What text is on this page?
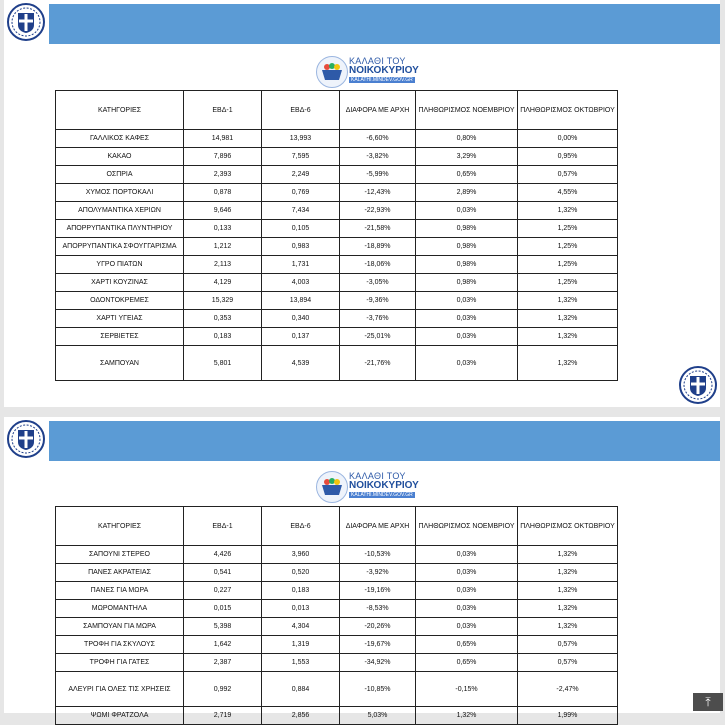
ΚΑΛΑΘΙ ΤΟΥ
ΝΟΙΚΟΚΥΡΙΟΥ
KALATHI.MINDEV.GOV.GR
ΚΑΤΗΓΟΡΙΕΣ	ΕΒΔ-1	ΕΒΔ-6	ΔΙΑΦΟΡΑ ΜΕ ΑΡΧΗ	ΠΛΗΘΩΡΙΣΜΟΣ ΝΟΕΜΒΡΙΟΥ	ΠΛΗΘΩΡΙΣΜΟΣ ΟΚΤΩΒΡΙΟΥ
ΓΑΛΛΙΚΟΣ ΚΑΦΕΣ	14,981	13,993	-6,60%	0,80%	0,00%
ΚΑΚΑΟ	7,896	7,595	-3,82%	3,29%	0,95%
ΟΣΠΡΙΑ	2,393	2,249	-5,99%	0,65%	0,57%
ΧΥΜΟΣ ΠΟΡΤΟΚΑΛΙ	0,878	0,769	-12,43%	2,89%	4,55%
ΑΠΟΛΥΜΑΝΤΙΚΑ ΧΕΡΙΩΝ	9,646	7,434	-22,93%	0,03%	1,32%
ΑΠΟΡΡΥΠΑΝΤΙΚΑ ΠΛΥΝΤΗΡΙΟΥ	0,133	0,105	-21,58%	0,98%	1,25%
ΑΠΟΡΡΥΠΑΝΤΙΚΑ ΣΦΟΥΓΓΑΡΙΣΜΑ	1,212	0,983	-18,89%	0,98%	1,25%
ΥΓΡΟ ΠΙΑΤΩΝ	2,113	1,731	-18,06%	0,98%	1,25%
ΧΑΡΤΙ ΚΟΥΖΙΝΑΣ	4,129	4,003	-3,05%	0,98%	1,25%
ΟΔΟΝΤΟΚΡΕΜΕΣ	15,329	13,894	-9,36%	0,03%	1,32%
ΧΑΡΤΙ ΥΓΕΙΑΣ	0,353	0,340	-3,76%	0,03%	1,32%
ΣΕΡΒΙΕΤΕΣ	0,183	0,137	-25,01%	0,03%	1,32%
ΣΑΜΠΟΥΑΝ	5,801	4,539	-21,76%	0,03%	1,32%
ΚΑΛΑΘΙ ΤΟΥ
ΝΟΙΚΟΚΥΡΙΟΥ
KALATHI.MINDEV.GOV.GR
ΚΑΤΗΓΟΡΙΕΣ	ΕΒΔ-1	ΕΒΔ-6	ΔΙΑΦΟΡΑ ΜΕ ΑΡΧΗ	ΠΛΗΘΩΡΙΣΜΟΣ ΝΟΕΜΒΡΙΟΥ	ΠΛΗΘΩΡΙΣΜΟΣ ΟΚΤΩΒΡΙΟΥ
ΣΑΠΟΥΝΙ ΣΤΕΡΕΟ	4,426	3,960	-10,53%	0,03%	1,32%
ΠΑΝΕΣ ΑΚΡΑΤΕΙΑΣ	0,541	0,520	-3,92%	0,03%	1,32%
ΠΑΝΕΣ ΓΙΑ ΜΩΡΑ	0,227	0,183	-19,16%	0,03%	1,32%
ΜΩΡΟΜΑΝΤΗΛΑ	0,015	0,013	-8,53%	0,03%	1,32%
ΣΑΜΠΟΥΑΝ ΓΙΑ ΜΩΡΑ	5,398	4,304	-20,26%	0,03%	1,32%
ΤΡΟΦΗ ΓΙΑ ΣΚΥΛΟΥΣ	1,642	1,319	-19,67%	0,65%	0,57%
ΤΡΟΦΗ ΓΙΑ ΓΑΤΕΣ	2,387	1,553	-34,92%	0,65%	0,57%
ΑΛΕΥΡΙ ΓΙΑ ΟΛΕΣ ΤΙΣ ΧΡΗΣΕΙΣ	0,992	0,884	-10,85%	-0,15%	-2,47%
ΨΩΜΙ ΦΡΑΤΖΟΛΑ	2,719	2,856	5,03%	1,32%	1,99%
⤒
